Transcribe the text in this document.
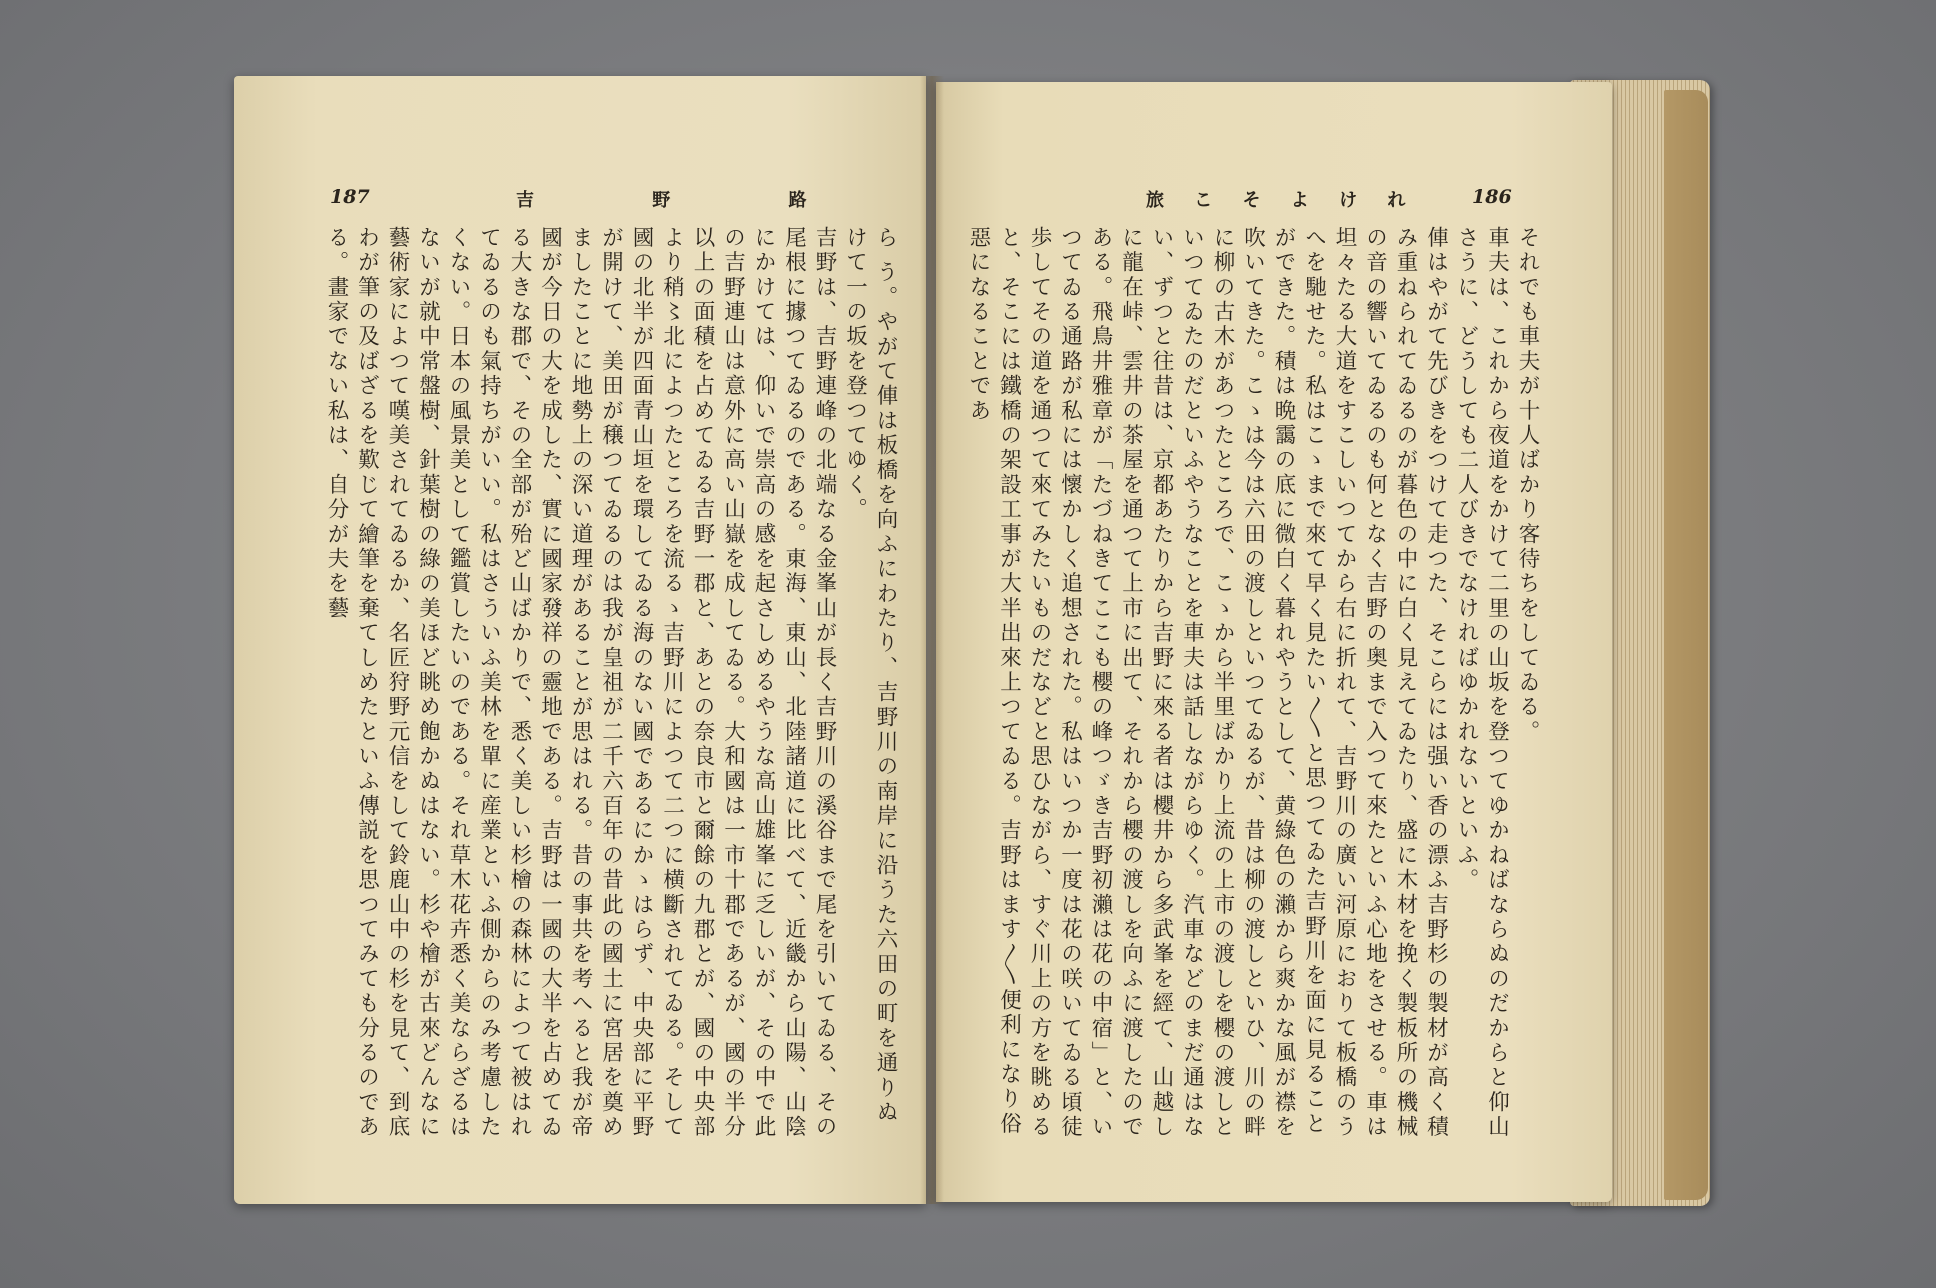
187	吉 野 路	旅 こ そ よ け れ	186
ら う。やがて俥は板橋を向ふにわたり、吉野川の南岸に沿うた六田の町を通りぬけて一の坂を登つてゆく。
吉野は、吉野連峰の北端なる金峯山が長く吉野川の溪谷まで尾を引いてゐる、その尾根に據つてゐるのである。東海、東山、北陸諸道に比べて、近畿から山陽、山陰にかけては、仰いで崇高の感を起さしめるやうな高山雄峯に乏しいが、その中で此の吉野連山は意外に高い山嶽を成してゐる。大和國は一市十郡であるが、國の半分以上の面積を占めてゐる吉野一郡と、あとの奈良市と爾餘の九郡とが、國の中央部より稍〻北によつたところを流るゝ吉野川によつて二つに横斷されてゐる。そして國の北半が四面青山垣を環してゐる海のない國であるにかゝはらず、中央部に平野が開けて、美田が穣つてゐるのは我が皇祖が二千六百年の昔此の國土に宮居を奠めましたことに地勢上の深い道理があることが思はれる。昔の事共を考へると我が帝國が今日の大を成した、實に國家發祥の靈地である。吉野は一國の大半を占めてゐる大きな郡で、その全部が殆ど山ばかりで、悉く美しい杉檜の森林によつて被はれてゐるのも氣持ちがいい。私はさういふ美林を單に産業といふ側からのみ考慮したくない。日本の風景美として鑑賞したいのである。それ草木花卉悉く美ならざるはないが就中常盤樹、針葉樹の綠の美ほど眺め飽かぬはない。杉や檜が古來どんなに藝術家によつて嘆美されてゐるか、名匠狩野元信をして鈴鹿山中の杉を見て、到底わが筆の及ばざるを歎じて繪筆を棄てしめたといふ傳説を思つてみても分るのである。畫家でない私は、自分が夫を藝	それでも車夫が十人ばかり客待ちをしてゐる。
車夫は、これから夜道をかけて二里の山坂を登つてゆかねばならぬのだからと仰山さうに、どうしても二人びきでなければゆかれないといふ。
俥はやがて先びきをつけて走つた、そこらには强い香の漂ふ吉野杉の製材が高く積み重ねられてゐるのが暮色の中に白く見えてゐたり、盛に木材を挽く製板所の機械の音の響いてゐるのも何となく吉野の奥まで入つて來たといふ心地をさせる。車は坦々たる大道をすこしいつてから右に折れて、吉野川の廣い河原におりて板橋のうへを馳せた。私はこゝまで來て早く見たい〳〵と思つてゐた吉野川を面に見ることができた。積は晩靄の底に微白く暮れやうとして、黄綠色の瀨から爽かな風が襟を吹いてきた。こゝは今は六田の渡しといつてゐるが、昔は柳の渡しといひ、川の畔に柳の古木があつたところで、こゝから半里ばかり上流の上市の渡しを櫻の渡しといつてゐたのだといふやうなことを車夫は話しながらゆく。汽車などのまだ通はない、ずつと往昔は、京都あたりから吉野に來る者は櫻井から多武峯を經て、山越しに龍在峠、雲井の茶屋を通つて上市に出て、それから櫻の渡しを向ふに渡したのである。飛鳥井雅章が「たづねきてここも櫻の峰つゞき吉野初瀨は花の中宿」と、いつてゐる通路が私には懷かしく追想された。私はいつか一度は花の咲いてゐる頃徒歩してその道を通つて來てみたいものだなどと思ひながら、すぐ川上の方を眺めると、そこには鐵橋の架設工事が大半出來上つてゐる。吉野はます〳〵便利になり俗惡になることであ
